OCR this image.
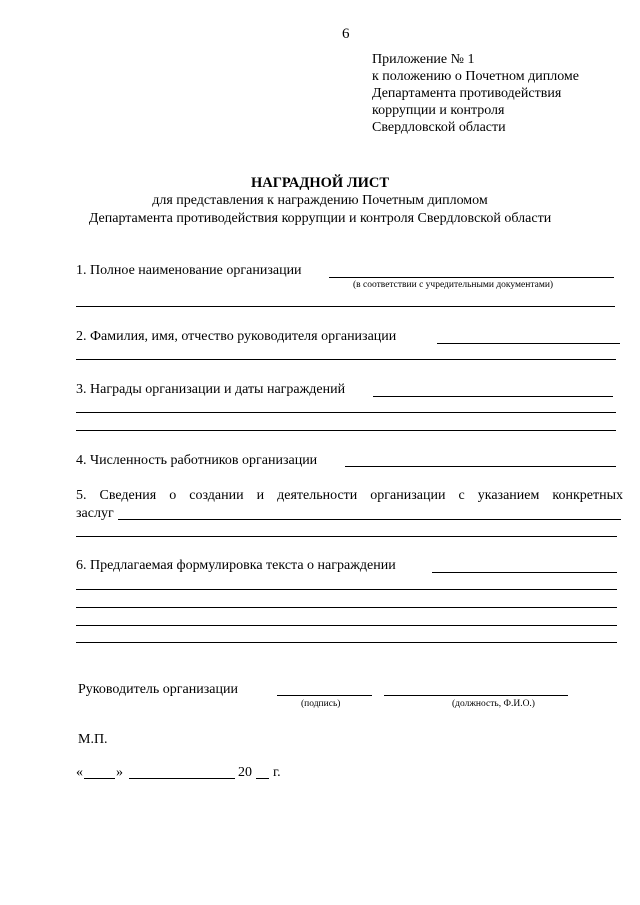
6
Приложение № 1
к положению о Почетном дипломе
Департамента противодействия
коррупции и контроля
Свердловской области
НАГРАДНОЙ ЛИСТ
для представления к награждению Почетным дипломом
Департамента противодействия коррупции и контроля Свердловской области
1. Полное наименование организации
(в соответствии с учредительными документами)
2. Фамилия, имя, отчество руководителя организации
3. Награды организации и даты награждений
4. Численность работников организации
5. Сведения о создании и деятельности организации с указанием конкретных
заслуг
6. Предлагаемая формулировка текста о награждении
Руководитель организации
(подпись)	(должность, Ф.И.О.)
М.П.
« »	20 г.
